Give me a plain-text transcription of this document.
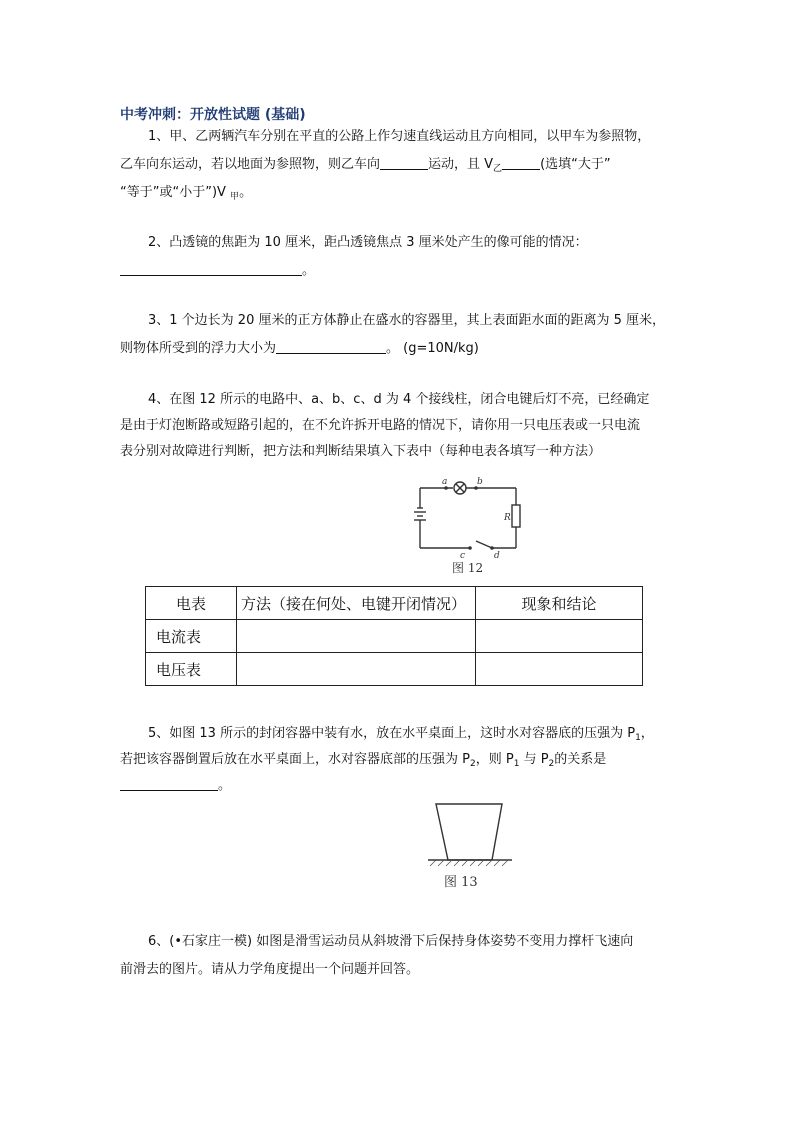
中考冲刺：开放性试题 (基础)
1、甲、乙两辆汽车分别在平直的公路上作匀速直线运动且方向相同，以甲车为参照物，
乙车向东运动，若以地面为参照物，则乙车向	运动，且 $V_乙$	(选填“大于”
“等于”或“小于”)V $_甲$。
2、凸透镜的焦距为 10 厘米，距凸透镜焦点 3 厘米处产生的像可能的情况：
。
3、1 个边长为 20 厘米的正方体静止在盛水的容器里，其上表面距水面的距离为 5 厘米，
则物体所受到的浮力大小为	。 (g=10N/kg)
4、在图 12 所示的电路中、a、b、c、d 为 4 个接线柱，闭合电键后灯不亮，已经确定
是由于灯泡断路或短路引起的，在不允许拆开电路的情况下，请你用一只电压表或一只电流
表分别对故障进行判断，把方法和判断结果填入下表中（每种电表各填写一种方法）
a	b
c	d
R
图 12
电表	方法（接在何处、电键开闭情况）	现象和结论
电流表		
电压表		
5、如图 13 所示的封闭容器中装有水，放在水平桌面上，这时水对容器底的压强为 $P_1$，
若把该容器倒置后放在水平桌面上，水对容器底部的压强为 $P_2$，则 $P_1$ 与 $P_2$的关系是
。
图 13
6、(•石家庄一模) 如图是滑雪运动员从斜坡滑下后保持身体姿势不变用力撑杆飞速向
前滑去的图片。请从力学角度提出一个问题并回答。
